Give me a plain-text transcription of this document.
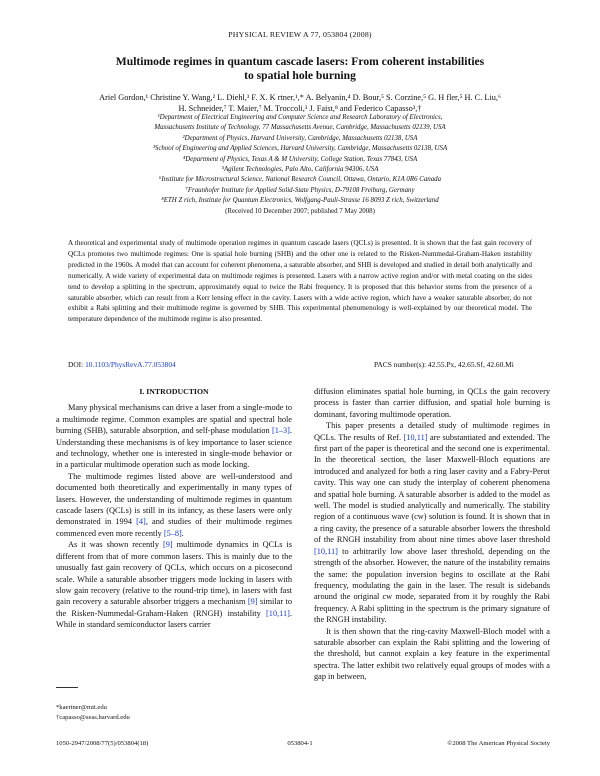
PHYSICAL REVIEW A 77, 053804 (2008)
Multimode regimes in quantum cascade lasers: From coherent instabilities
to spatial hole burning
Ariel Gordon,¹ Christine Y. Wang,² L. Diehl,³ F. X. K rtner,¹,* A. Belyanin,⁴ D. Bour,⁵ S. Corzine,⁵ G. H fler,⁵ H. C. Liu,⁶
H. Schneider,⁷ T. Maier,⁷ M. Troccoli,³ J. Faist,⁸ and Federico Capasso³,†
¹Department of Electrical Engineering and Computer Science and Research Laboratory of Electronics,
Massachusetts Institute of Technology, 77 Massachusetts Avenue, Cambridge, Massachusetts 02139, USA
²Department of Physics, Harvard University, Cambridge, Massachusetts 02138, USA
³School of Engineering and Applied Sciences, Harvard University, Cambridge, Massachusetts 02138, USA
⁴Department of Physics, Texas A & M University, College Station, Texas 77843, USA
⁵Agilent Technologies, Palo Alto, California 94306, USA
⁶Institute for Microstructural Science, National Research Council, Ottawa, Ontario, K1A 0R6 Canada
⁷Fraunhofer Institute for Applied Solid-State Physics, D-79108 Freiburg, Germany
⁸ETH Z rich, Institute for Quantum Electronics, Wolfgang-Pauli-Strasse 16 8093 Z rich, Switzerland
(Received 10 December 2007; published 7 May 2008)
A theoretical and experimental study of multimode operation regimes in quantum cascade lasers (QCLs) is presented. It is shown that the fast gain recovery of QCLs promotes two multimode regimes: One is spatial hole burning (SHB) and the other one is related to the Risken-Nummedal-Graham-Haken instability predicted in the 1960s. A model that can account for coherent phenomena, a saturable absorber, and SHB is developed and studied in detail both analytically and numerically. A wide variety of experimental data on multimode regimes is presented. Lasers with a narrow active region and/or with metal coating on the sides tend to develop a splitting in the spectrum, approximately equal to twice the Rabi frequency. It is proposed that this behavior stems from the presence of a saturable absorber, which can result from a Kerr lensing effect in the cavity. Lasers with a wide active region, which have a weaker saturable absorber, do not exhibit a Rabi splitting and their multimode regime is governed by SHB. This experimental phenomenology is well-explained by our theoretical model. The temperature dependence of the multimode regime is also presented.
DOI: 10.1103/PhysRevA.77.053804	PACS number(s): 42.55.Px, 42.65.Sf, 42.60.Mi

I. INTRODUCTION

Many physical mechanisms can drive a laser from a single-mode to a multimode regime. Common examples are spatial and spectral hole burning (SHB), saturable absorption, and self-phase modulation [1–3]. Understanding these mechanisms is of key importance to laser science and technology, whether one is interested in single-mode behavior or in a particular multimode operation such as mode locking.

The multimode regimes listed above are well-understood and documented both theoretically and experimentally in many types of lasers. However, the understanding of multimode regimes in quantum cascade lasers (QCLs) is still in its infancy, as these lasers were only demonstrated in 1994 [4], and studies of their multimode regimes commenced even more recently [5–8].

As it was shown recently [9] multimode dynamics in QCLs is different from that of more common lasers. This is mainly due to the unusually fast gain recovery of QCLs, which occurs on a picosecond scale. While a saturable absorber triggers mode locking in lasers with slow gain recovery (relative to the round-trip time), in lasers with fast gain recovery a saturable absorber triggers a mechanism [9] similar to the Risken-Nummedal-Graham-Haken (RNGH) instability [10,11]. While in standard semiconductor lasers carrier

diffusion eliminates spatial hole burning, in QCLs the gain recovery process is faster than carrier diffusion, and spatial hole burning is dominant, favoring multimode operation.

This paper presents a detailed study of multimode regimes in QCLs. The results of Ref. [10,11] are substantiated and extended. The first part of the paper is theoretical and the second one is experimental. In the theoretical section, the laser Maxwell-Bloch equations are introduced and analyzed for both a ring laser cavity and a Fabry-Perot cavity. This way one can study the interplay of coherent phenomena and spatial hole burning. A saturable absorber is added to the model as well. The model is studied analytically and numerically. The stability region of a continuous wave (cw) solution is found. It is shown that in a ring cavity, the presence of a saturable absorber lowers the threshold of the RNGH instability from about nine times above laser threshold [10,11] to arbitrarily low above laser threshold, depending on the strength of the absorber. However, the nature of the instability remains the same: the population inversion begins to oscillate at the Rabi frequency, modulating the gain in the laser. The result is sidebands around the original cw mode, separated from it by roughly the Rabi frequency. A Rabi splitting in the spectrum is the primary signature of the RNGH instability.

It is then shown that the ring-cavity Maxwell-Bloch model with a saturable absorber can explain the Rabi splitting and the lowering of the threshold, but cannot explain a key feature in the experimental spectra. The latter exhibit two relatively equal groups of modes with a gap in between,

*kaertner@mit.edu
†capasso@seas.harvard.edu
1050-2947/2008/77(5)/053804(18)	053804-1	©2008 The American Physical Society
